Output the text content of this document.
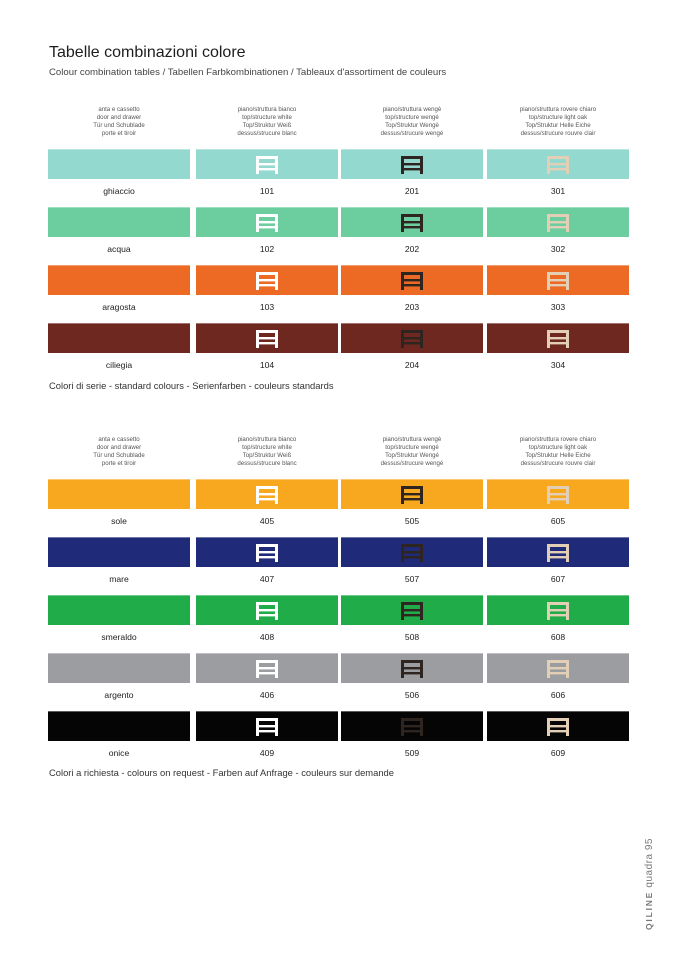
Tabelle combinazioni colore
Colour combination tables / Tabellen Farbkombinationen / Tableaux d'assortiment de couleurs
anta e cassetto
door and drawer
Tür und Schublade
porte et tiroir
piano/struttura bianco
top/structure white
Top/Struktur Weiß
dessus/strucure blanc
piano/struttura wengè
top/structure wengé
Top/Struktur Wengé
dessus/strucure wengé
piano/struttura rovere chiaro
top/structure light oak
Top/Struktur Helle Eiche
dessus/strucure rouvre clair
ghiaccio	101	201	301
acqua	102	202	302
aragosta	103	203	303
ciliegia	104	204	304
Colori di serie - standard colours - Serienfarben - couleurs standards
anta e cassetto
door and drawer
Tür und Schublade
porte et tiroir
piano/struttura bianco
top/structure white
Top/Struktur Weiß
dessus/strucure blanc
piano/struttura wengè
top/structure wengé
Top/Struktur Wengé
dessus/strucure wengé
piano/struttura rovere chiaro
top/structure light oak
Top/Struktur Helle Eiche
dessus/strucure rouvre clair
sole	405	505	605
mare	407	507	607
smeraldo	408	508	608
argento	406	506	606
onice	409	509	609
Colori a richiesta - colours on request - Farben auf Anfrage - couleurs sur demande
QILINE quadra 95
